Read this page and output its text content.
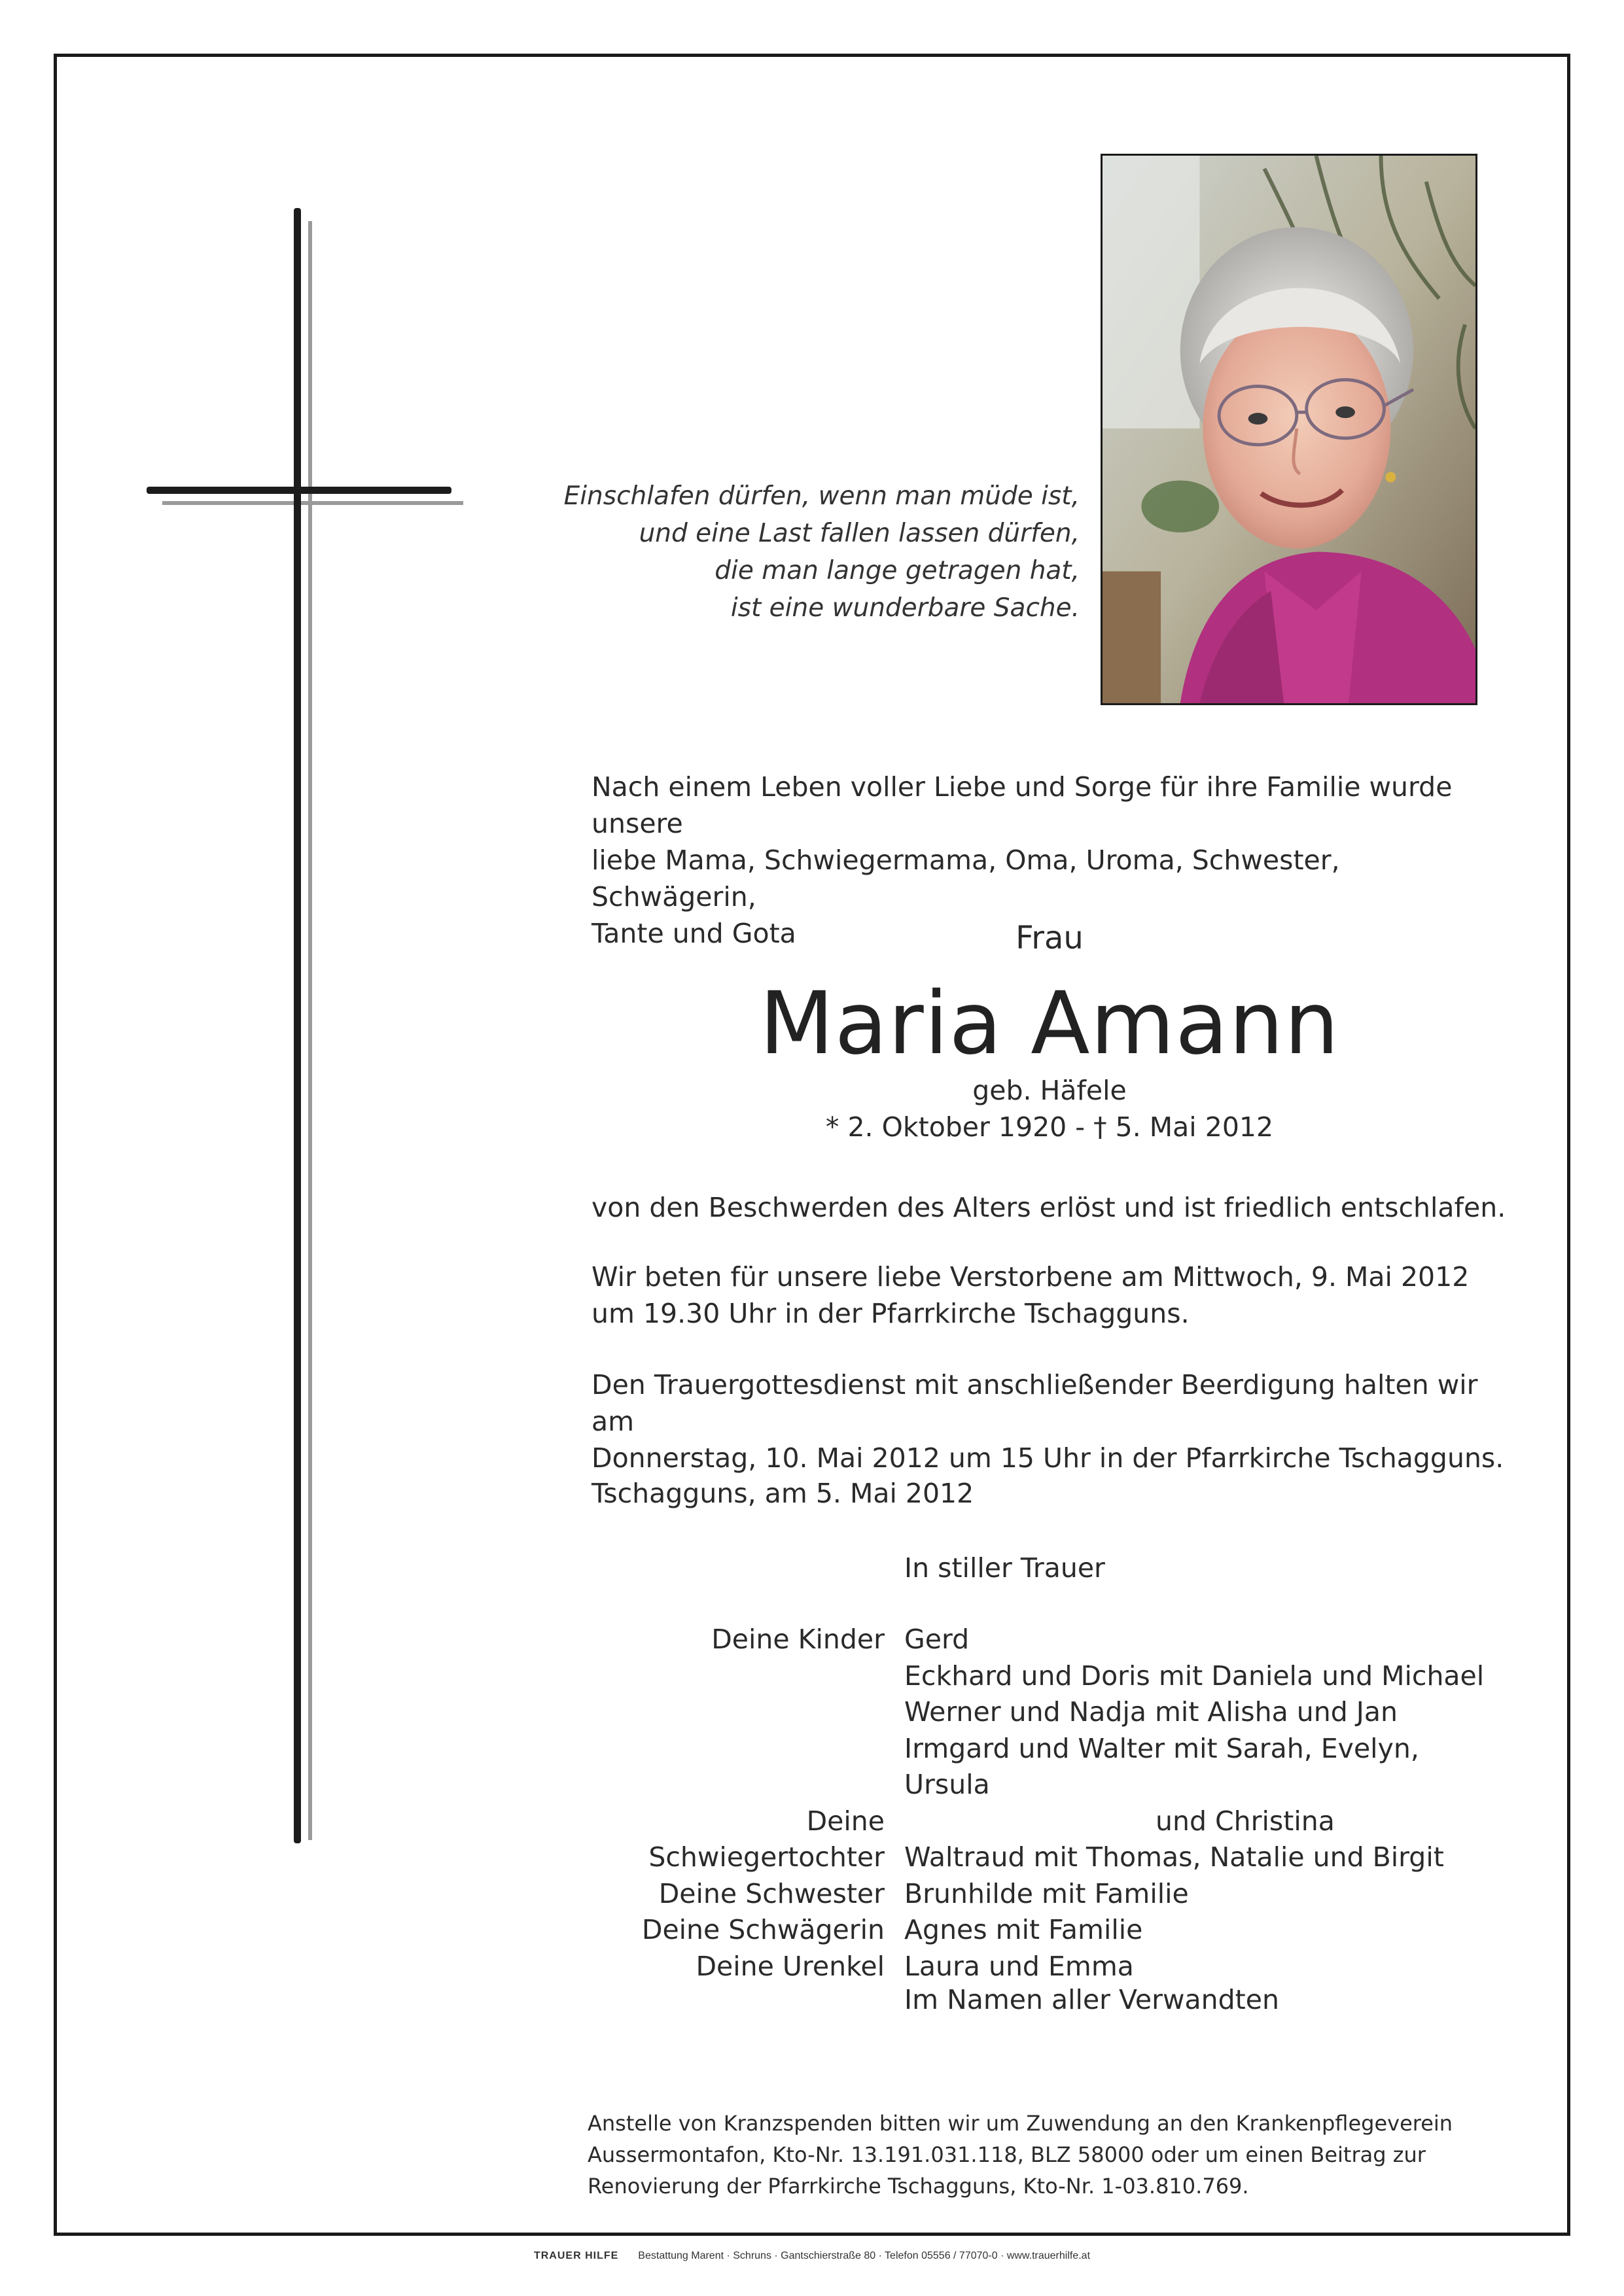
Einschlafen dürfen, wenn man müde ist,
und eine Last fallen lassen dürfen,
die man lange getragen hat,
ist eine wunderbare Sache.
Nach einem Leben voller Liebe und Sorge für ihre Familie wurde unsere
liebe Mama, Schwiegermama, Oma, Uroma, Schwester, Schwägerin,
Tante und Gota	Frau
Maria Amann
geb. Häfele
* 2. Oktober 1920 - † 5. Mai 2012
von den Beschwerden des Alters erlöst und ist friedlich entschlafen.
Wir beten für unsere liebe Verstorbene am Mittwoch, 9. Mai 2012
um 19.30 Uhr in der Pfarrkirche Tschagguns.
Den Trauergottesdienst mit anschließender Beerdigung halten wir am
Donnerstag, 10. Mai 2012 um 15 Uhr in der Pfarrkirche Tschagguns.
Tschagguns, am 5. Mai 2012
In stiller Trauer
Deine Kinder
Deine Schwiegertochter
Deine Schwester
Deine Schwägerin
Deine Urenkel
Gerd
Eckhard und Doris mit Daniela und Michael
Werner und Nadja mit Alisha und Jan
Irmgard und Walter mit Sarah, Evelyn, Ursula
und Christina
Waltraud mit Thomas, Natalie und Birgit
Brunhilde mit Familie
Agnes mit Familie
Laura und Emma
Im Namen aller Verwandten
Anstelle von Kranzspenden bitten wir um Zuwendung an den Krankenpflegeverein
Aussermontafon, Kto-Nr. 13.191.031.118, BLZ 58000 oder um einen Beitrag zur
Renovierung der Pfarrkirche Tschagguns, Kto-Nr. 1-03.810.769.
TRAUER HILFE Bestattung Marent · Schruns · Gantschierstraße 80 · Telefon 05556 / 77070-0 · www.trauerhilfe.at
